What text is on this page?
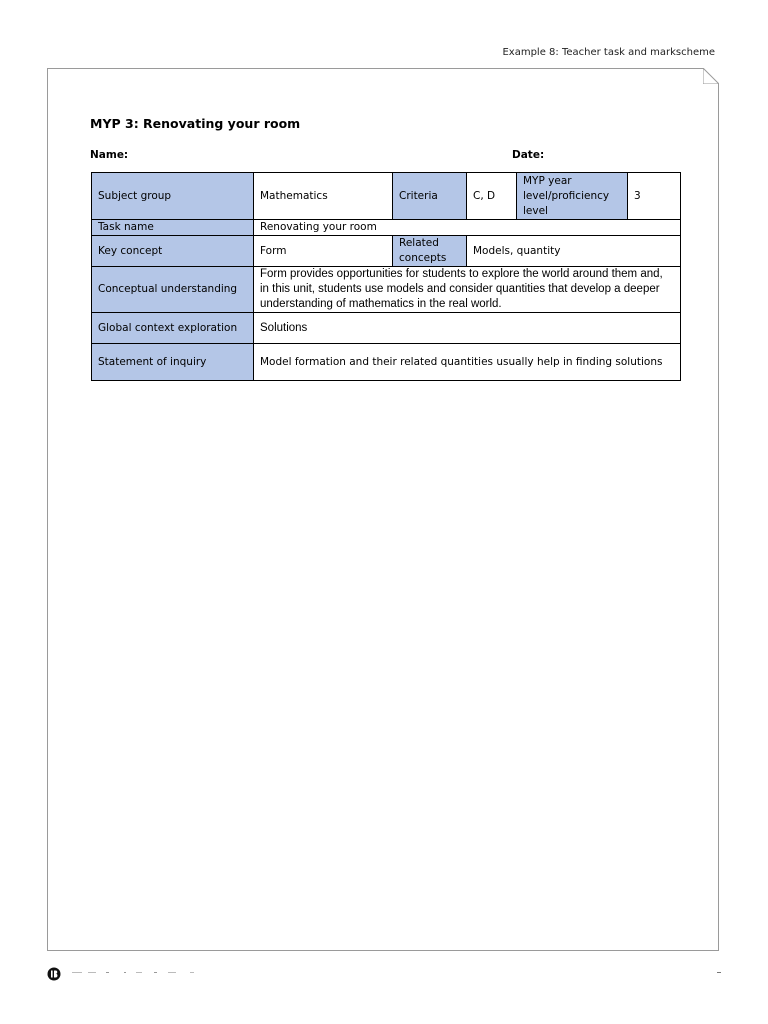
Example 8: Teacher task and markscheme
MYP 3: Renovating your room
Name:	Date:
Subject group	Mathematics	Criteria	C, D	MYP year level/proficiency level	3
Task name	Renovating your room				
Key concept	Form	Related concepts	Models, quantity		
Conceptual understanding	Form provides opportunities for students to explore the world around them and, in this unit, students use models and consider quantities that develop a deeper understanding of mathematics in the real world.				
Global context exploration	Solutions				
Statement of inquiry	Model formation and their related quantities usually help in finding solutions				
